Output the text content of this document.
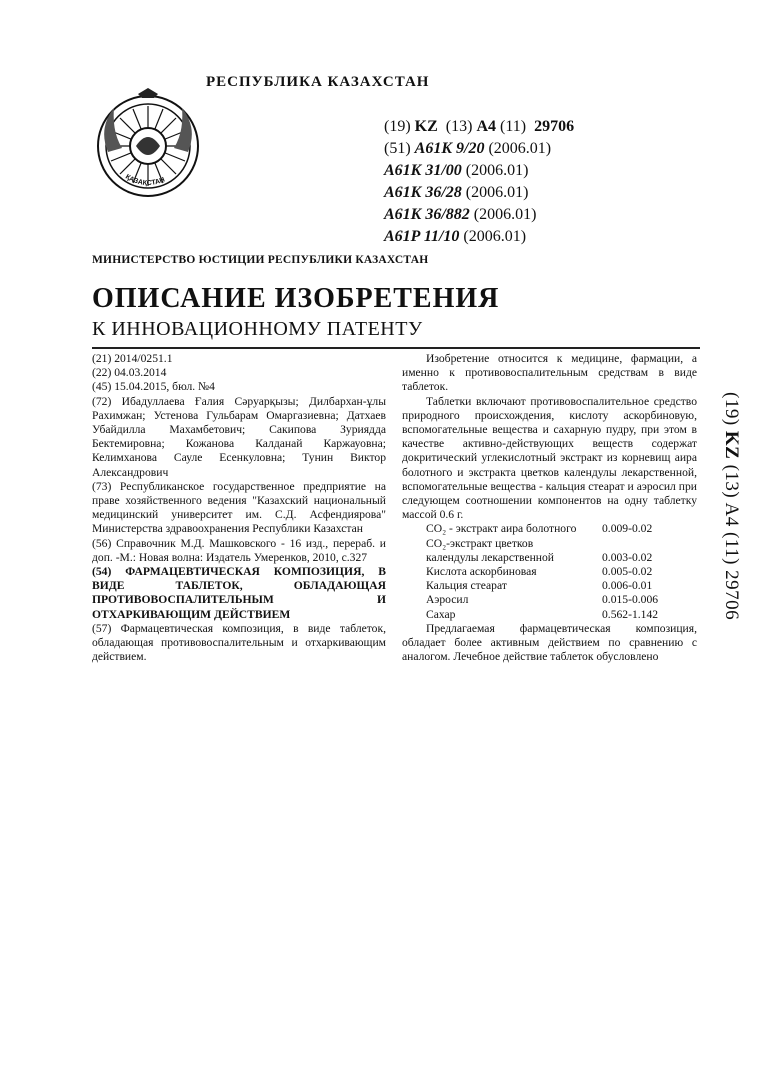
РЕСПУБЛИКА КАЗАХСТАН
ҚАЗАҚСТАН
(19) KZ (13) A4 (11) 29706
(51) A61K 9/20 (2006.01)
A61K 31/00 (2006.01)
A61K 36/28 (2006.01)
A61K 36/882 (2006.01)
A61P 11/10 (2006.01)
МИНИСТЕРСТВО ЮСТИЦИИ РЕСПУБЛИКИ КАЗАХСТАН
ОПИСАНИЕ ИЗОБРЕТЕНИЯ
К ИННОВАЦИОННОМУ ПАТЕНТУ

(21) 2014/0251.1

(22) 04.03.2014

(45) 15.04.2015, бюл. №4

(72) Ибадуллаева Ғалия Сәруарқызы; Дилбархан-ұлы Рахимжан; Устенова Гульбарам Омаргазиевна; Датхаев Убайдилла Махамбетович; Сакипова Зуриядда Бектемировна; Кожанова Калданай Каржауовна; Келимханова Сауле Есенкуловна; Тунин Виктор Александрович

(73) Республиканское государственное предприятие на праве хозяйственного ведения "Казахский национальный медицинский университет им. С.Д. Асфендиярова" Министерства здравоохранения Республики Казахстан

(56) Справочник М.Д. Машковского - 16 изд., перераб. и доп. -М.: Новая волна: Издатель Умеренков, 2010, с.327

(54) ФАРМАЦЕВТИЧЕСКАЯ КОМПОЗИЦИЯ, В ВИДЕ ТАБЛЕТОК, ОБЛАДАЮЩАЯ ПРОТИВОВОСПАЛИТЕЛЬНЫМ И ОТХАРКИВАЮЩИМ ДЕЙСТВИЕМ

(57) Фармацевтическая композиция, в виде таблеток, обладающая противовоспалительным и отхаркивающим действием.

Изобретение относится к медицине, фармации, а именно к противовоспалительным средствам в виде таблеток.

Таблетки включают противовоспалительное средство природного происхождения, кислоту аскорбиновую, вспомогательные вещества и сахарную пудру, при этом в качестве активно-действующих веществ содержат докритический углекислотный экстракт из корневищ аира болотного и экстракта цветков календулы лекарственной, вспомогательные вещества - кальция стеарат и аэросил при следующем соотношении компонентов на одну таблетку массой 0.6 г.

CO₂ - экстракт аира болотного	0.009-0.02
CO₂-экстракт цветков	
календулы лекарственной	0.003-0.02
Кислота аскорбиновая	0.005-0.02
Кальция стеарат	0.006-0.01
Аэросил	0.015-0.006
Сахар	0.562-1.142

Предлагаемая фармацевтическая композиция, обладает более активным действием по сравнению с аналогом. Лечебное действие таблеток обусловлено

(19) KZ (13) A4 (11) 29706
